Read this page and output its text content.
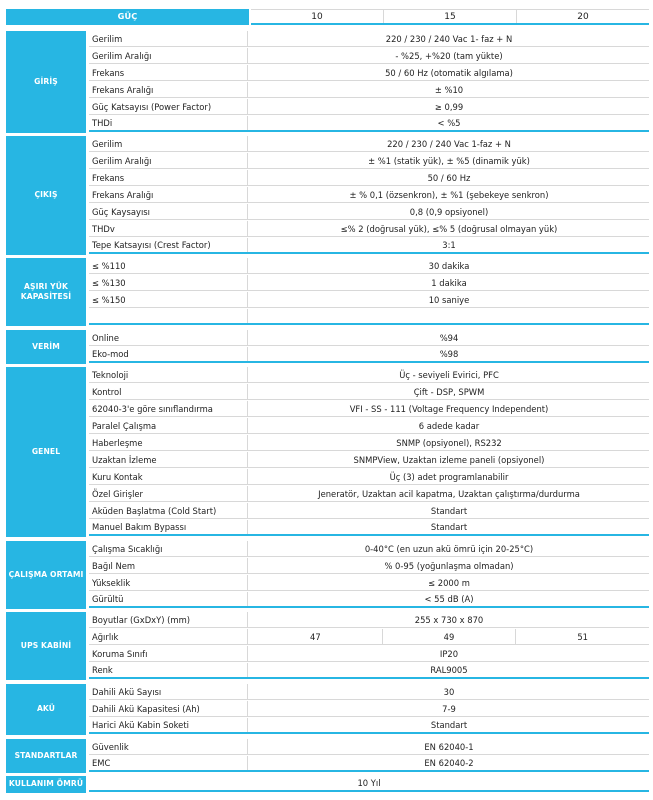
GÜÇ	10	15	20
GİRİŞ
Gerilim	220 / 230 / 240 Vac 1- faz + N
Gerilim Aralığı	- %25, +%20 (tam yükte)
Frekans	50 / 60 Hz (otomatik algılama)
Frekans Aralığı	± %10
Güç Katsayısı (Power Factor)	≥ 0,99
THDi	< %5
ÇIKIŞ
Gerilim	220 / 230 / 240 Vac 1-faz + N
Gerilim Aralığı	± %1 (statik yük), ± %5 (dinamik yük)
Frekans	50 / 60 Hz
Frekans Aralığı	± % 0,1 (özsenkron), ± %1 (şebekeye senkron)
Güç Kaysayısı	0,8 (0,9 opsiyonel)
THDv	≤% 2 (doğrusal yük), ≤% 5 (doğrusal olmayan yük)
Tepe Katsayısı (Crest Factor)	3:1
AŞIRI YÜK KAPASİTESİ
≤ %110	30 dakika
≤ %130	1 dakika
≤ %150	10 saniye
VERİM
Online	%94
Eko-mod	%98
GENEL
Teknoloji	Üç - seviyeli Evirici, PFC
Kontrol	Çift - DSP, SPWM
62040-3'e göre sınıflandırma	VFI - SS - 111 (Voltage Frequency Independent)
Paralel Çalışma	6 adede kadar
Haberleşme	SNMP (opsiyonel), RS232
Uzaktan İzleme	SNMPView, Uzaktan izleme paneli (opsiyonel)
Kuru Kontak	Üç (3) adet programlanabilir
Özel Girişler	Jeneratör, Uzaktan acil kapatma, Uzaktan çalıştırma/durdurma
Aküden Başlatma (Cold Start)	Standart
Manuel Bakım Bypassı	Standart
ÇALIŞMA ORTAMI
Çalışma Sıcaklığı	0-40°C (en uzun akü ömrü için 20-25°C)
Bağıl Nem	% 0-95 (yoğunlaşma olmadan)
Yükseklik	≤ 2000 m
Gürültü	< 55 dB (A)
UPS KABİNİ
Boyutlar (GxDxY) (mm)	255 x 730 x 870
Ağırlık	47	49	51
Koruma Sınıfı	IP20
Renk	RAL9005
AKÜ
Dahili Akü Sayısı	30
Dahili Akü Kapasitesi (Ah)	7-9
Harici Akü Kabin Soketi	Standart
STANDARTLAR
Güvenlik	EN 62040-1
EMC	EN 62040-2
KULLANIM ÖMRÜ	10 Yıl
